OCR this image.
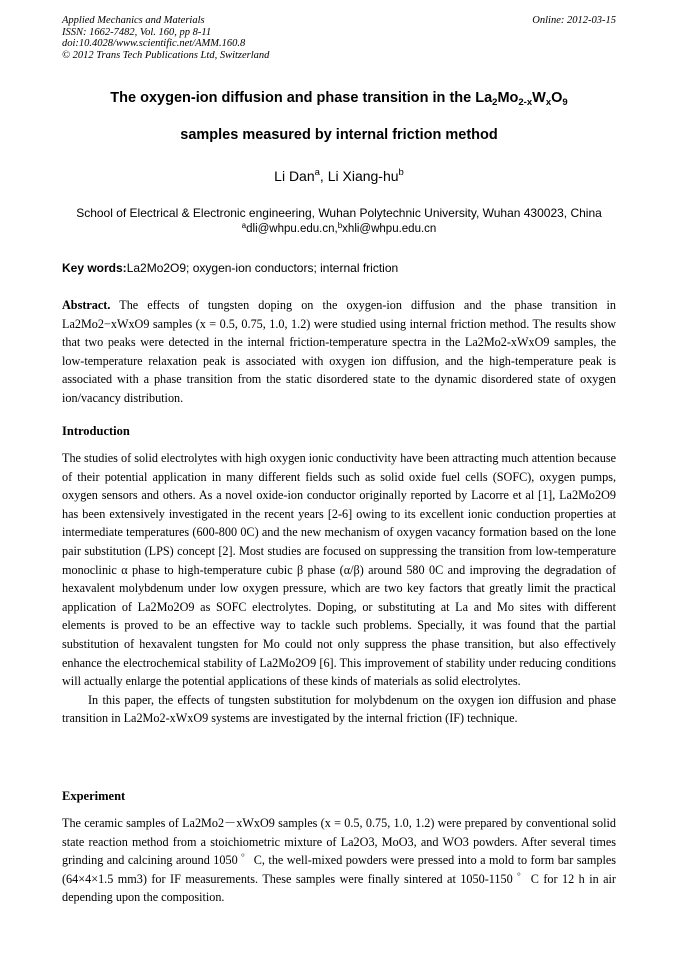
Applied Mechanics and Materials
ISSN: 1662-7482, Vol. 160, pp 8-11
doi:10.4028/www.scientific.net/AMM.160.8
© 2012 Trans Tech Publications Ltd, Switzerland
Online: 2012-03-15
The oxygen-ion diffusion and phase transition in the $La_2Mo_{2-x}W_xO_9$
samples measured by internal friction method
Li Dan$^a$, Li Xiang-$hu^b$
School of Electrical & Electronic engineering, Wuhan Polytechnic University, Wuhan 430023, China
$^a$dli@whpu.edu.cn,$^b$xhli@whpu.edu.cn
Key words:La2Mo2O9; oxygen-ion conductors; internal friction

Abstract. The effects of tungsten doping on the oxygen-ion diffusion and the phase transition in La2Mo2−xWxO9 samples (x = 0.5, 0.75, 1.0, 1.2) were studied using internal friction method. The results show that two peaks were detected in the internal friction-temperature spectra in the La2Mo2-xWxO9 samples, the low-temperature relaxation peak is associated with oxygen ion diffusion, and the high-temperature peak is associated with a phase transition from the static disordered state to the dynamic disordered state of oxygen ion/vacancy distribution.

Introduction

The studies of solid electrolytes with high oxygen ionic conductivity have been attracting much attention because of their potential application in many different fields such as solid oxide fuel cells (SOFC), oxygen pumps, oxygen sensors and others. As a novel oxide-ion conductor originally reported by Lacorre et al [1], La2Mo2O9 has been extensively investigated in the recent years [2-6] owing to its excellent ionic conduction properties at intermediate temperatures (600-800 0C) and the new mechanism of oxygen vacancy formation based on the lone pair substitution (LPS) concept [2]. Most studies are focused on suppressing the transition from low-temperature monoclinic α phase to high-temperature cubic β phase (α/β) around 580 0C and improving the degradation of hexavalent molybdenum under low oxygen pressure, which are two key factors that greatly limit the practical application of La2Mo2O9 as SOFC electrolytes. Doping, or substituting at La and Mo sites with different elements is proved to be an effective way to tackle such problems. Specially, it was found that the partial substitution of hexavalent tungsten for Mo could not only suppress the phase transition, but also effectively enhance the electrochemical stability of La2Mo2O9 [6]. This improvement of stability under reducing conditions will actually enlarge the potential applications of these kinds of materials as solid electrolytes.

In this paper, the effects of tungsten substitution for molybdenum on the oxygen ion diffusion and phase transition in La2Mo2-xWxO9 systems are investigated by the internal friction (IF) technique.

Experiment

The ceramic samples of La2Mo2－xWxO9 samples (x = 0.5, 0.75, 1.0, 1.2) were prepared by conventional solid state reaction method from a stoichiometric mixture of La2O3, MoO3, and WO3 powders. After several times grinding and calcining around 1050 ゜C, the well-mixed powders were pressed into a mold to form bar samples (64×4×1.5 mm3) for IF measurements. These samples were finally sintered at 1050-1150 ゜C for 12 h in air depending upon the composition.
